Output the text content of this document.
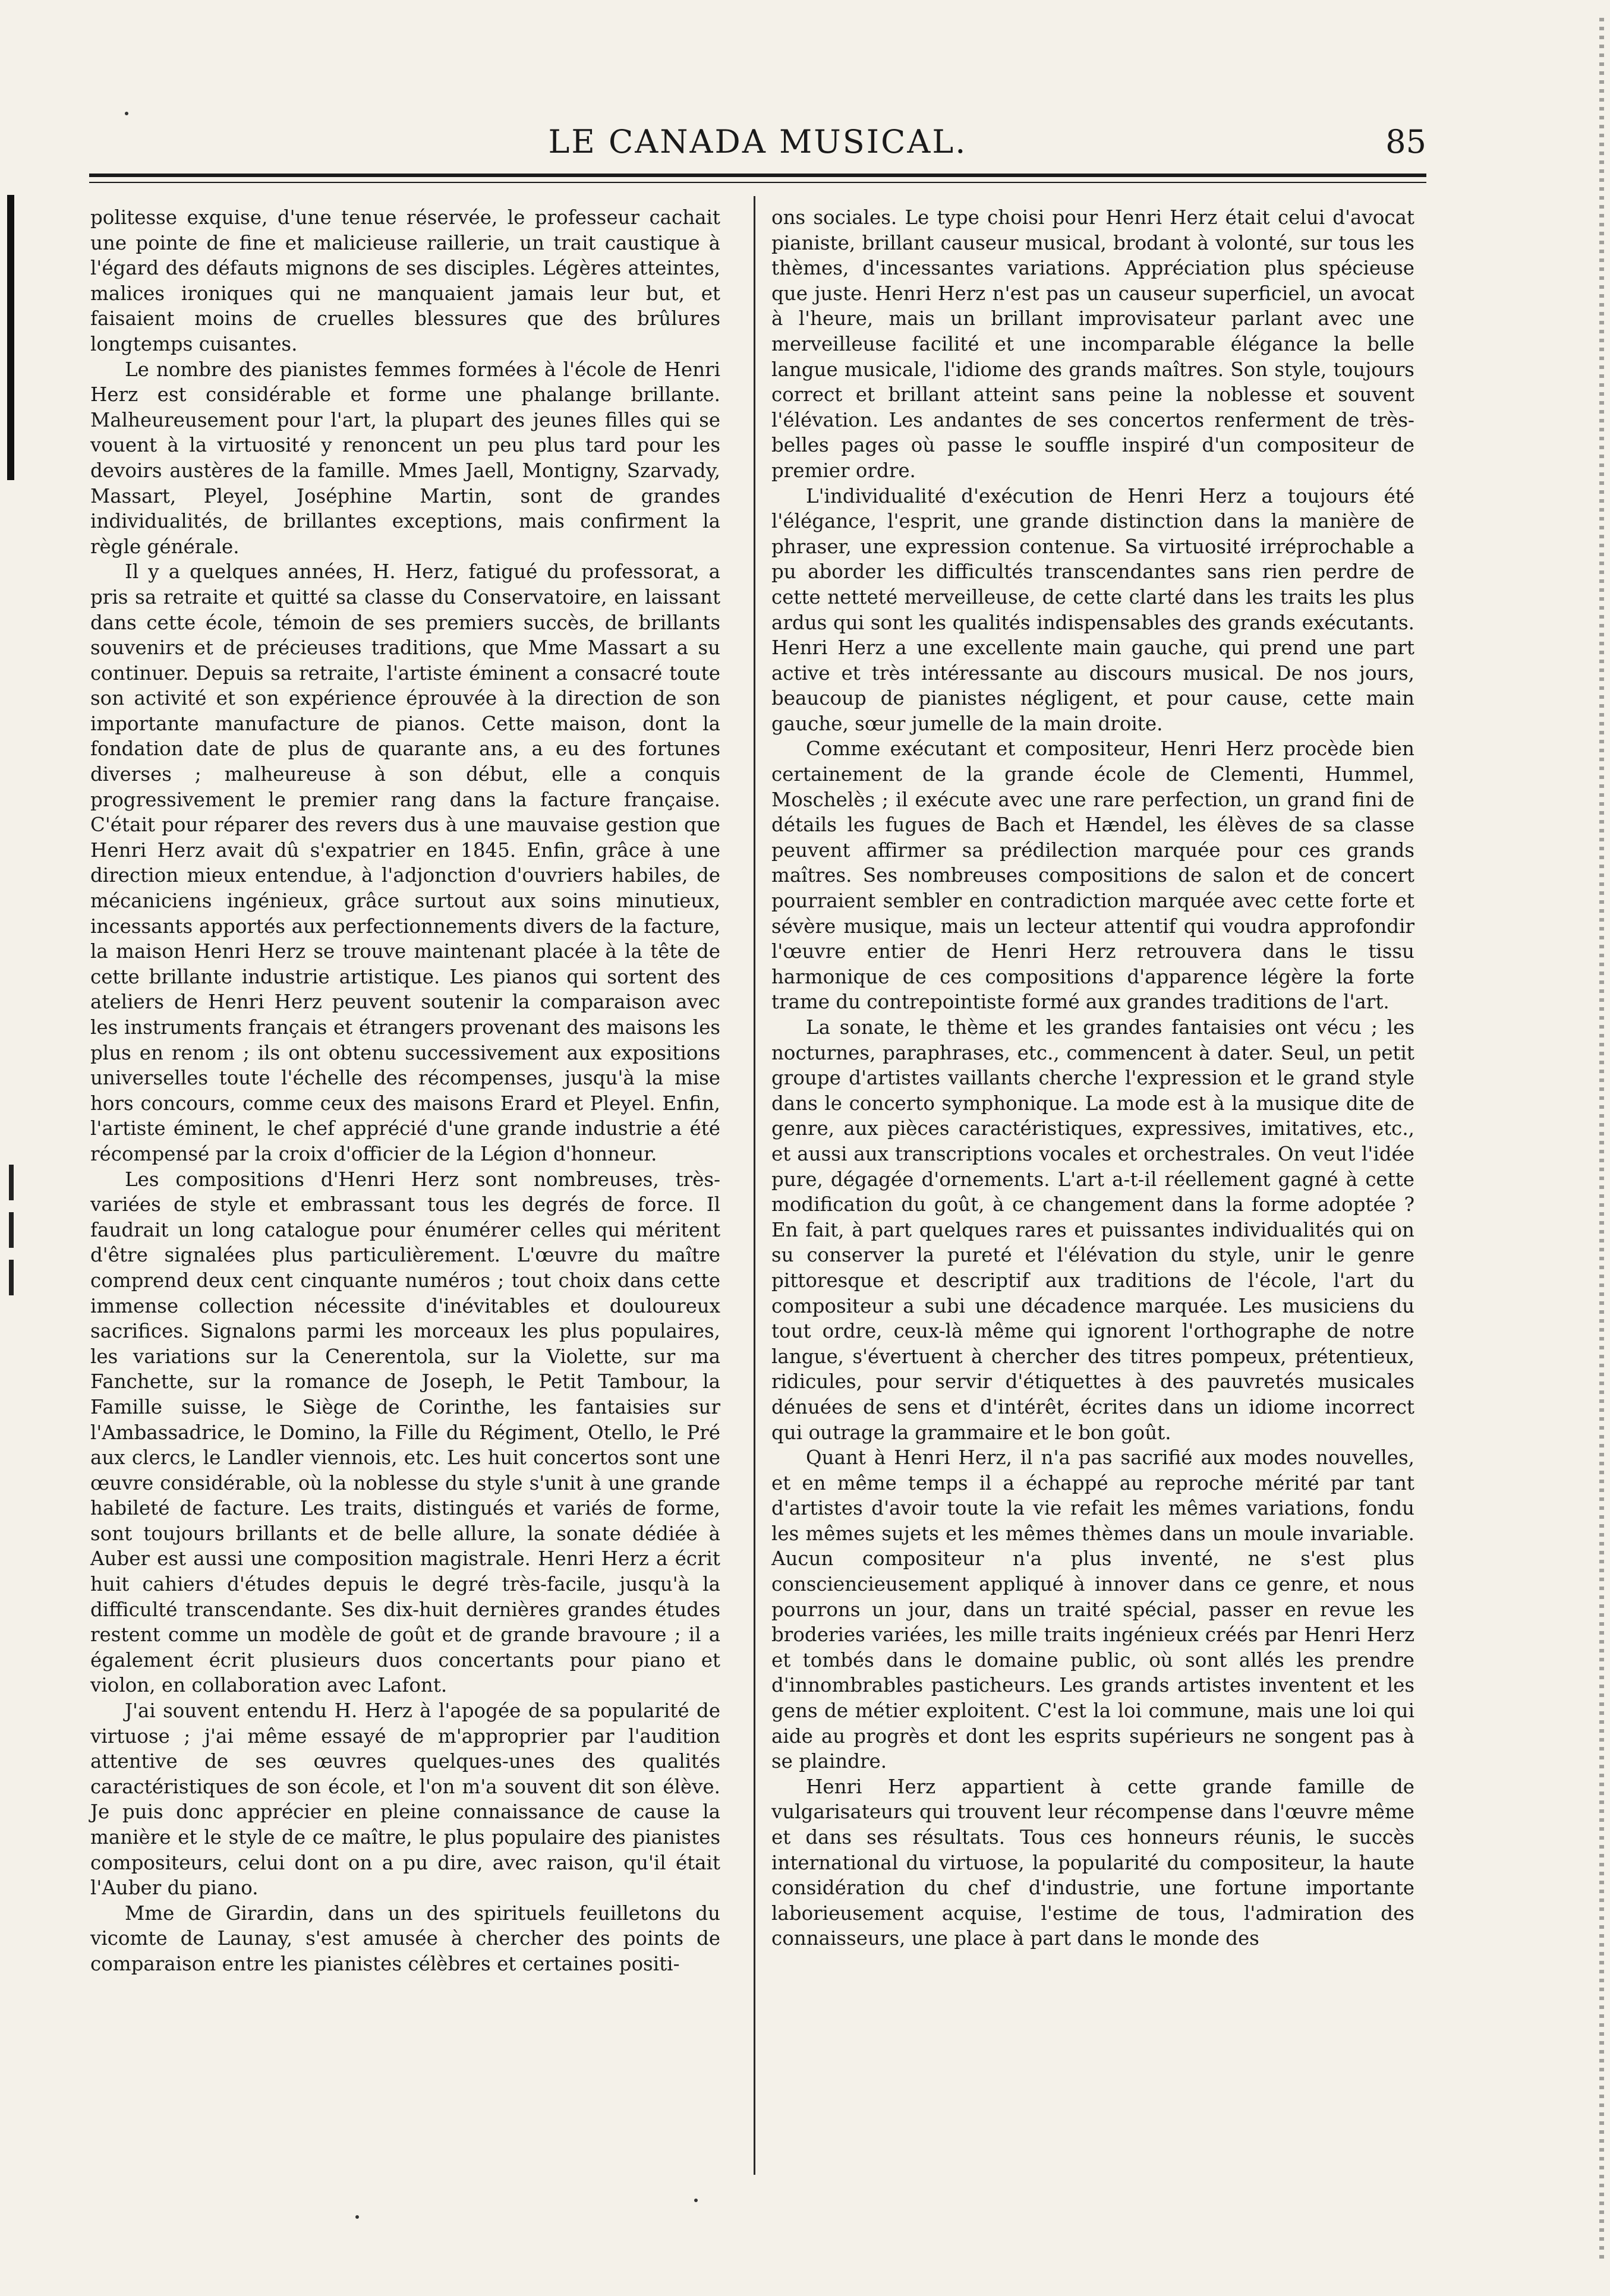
LE CANADA MUSICAL.	85

politesse exquise, d'une tenue réservée, le professeur cachait une pointe de fine et malicieuse raillerie, un trait caustique à l'égard des défauts mignons de ses disciples. Légères atteintes, malices ironiques qui ne manquaient jamais leur but, et faisaient moins de cruelles blessures que des brûlures longtemps cuisantes.

Le nombre des pianistes femmes formées à l'école de Henri Herz est considérable et forme une phalange brillante. Malheureusement pour l'art, la plupart des jeunes filles qui se vouent à la virtuosité y renoncent un peu plus tard pour les devoirs austères de la famille. Mmes Jaell, Montigny, Szarvady, Massart, Pleyel, Joséphine Martin, sont de grandes individualités, de brillantes exceptions, mais confirment la règle générale.

Il y a quelques années, H. Herz, fatigué du professorat, a pris sa retraite et quitté sa classe du Conservatoire, en laissant dans cette école, témoin de ses premiers succès, de brillants souvenirs et de précieuses traditions, que Mme Massart a su continuer. Depuis sa retraite, l'artiste éminent a consacré toute son activité et son expérience éprouvée à la direction de son importante manufacture de pianos. Cette maison, dont la fondation date de plus de quarante ans, a eu des fortunes diverses ; malheureuse à son début, elle a conquis progressivement le premier rang dans la facture française. C'était pour réparer des revers dus à une mauvaise gestion que Henri Herz avait dû s'expatrier en 1845. Enfin, grâce à une direction mieux entendue, à l'adjonction d'ouvriers habiles, de mécaniciens ingénieux, grâce surtout aux soins minutieux, incessants apportés aux perfectionnements divers de la facture, la maison Henri Herz se trouve maintenant placée à la tête de cette brillante industrie artistique. Les pianos qui sortent des ateliers de Henri Herz peuvent soutenir la comparaison avec les instruments français et étrangers provenant des maisons les plus en renom ; ils ont obtenu successivement aux expositions universelles toute l'échelle des récompenses, jusqu'à la mise hors concours, comme ceux des maisons Erard et Pleyel. Enfin, l'artiste éminent, le chef apprécié d'une grande industrie a été récompensé par la croix d'officier de la Légion d'honneur.

Les compositions d'Henri Herz sont nombreuses, très-variées de style et embrassant tous les degrés de force. Il faudrait un long catalogue pour énumérer celles qui méritent d'être signalées plus particulièrement. L'œuvre du maître comprend deux cent cinquante numéros ; tout choix dans cette immense collection nécessite d'inévitables et douloureux sacrifices. Signalons parmi les morceaux les plus populaires, les variations sur la Cenerentola, sur la Violette, sur ma Fanchette, sur la romance de Joseph, le Petit Tambour, la Famille suisse, le Siège de Corinthe, les fantaisies sur l'Ambassadrice, le Domino, la Fille du Régiment, Otello, le Pré aux clercs, le Landler viennois, etc. Les huit concertos sont une œuvre considérable, où la noblesse du style s'unit à une grande habileté de facture. Les traits, distingués et variés de forme, sont toujours brillants et de belle allure, la sonate dédiée à Auber est aussi une composition magistrale. Henri Herz a écrit huit cahiers d'études depuis le degré très-facile, jusqu'à la difficulté transcendante. Ses dix-huit dernières grandes études restent comme un modèle de goût et de grande bravoure ; il a également écrit plusieurs duos concertants pour piano et violon, en collaboration avec Lafont.

J'ai souvent entendu H. Herz à l'apogée de sa popularité de virtuose ; j'ai même essayé de m'approprier par l'audition attentive de ses œuvres quelques-unes des qualités caractéristiques de son école, et l'on m'a souvent dit son élève. Je puis donc apprécier en pleine connaissance de cause la manière et le style de ce maître, le plus populaire des pianistes compositeurs, celui dont on a pu dire, avec raison, qu'il était l'Auber du piano.

Mme de Girardin, dans un des spirituels feuilletons du vicomte de Launay, s'est amusée à chercher des points de comparaison entre les pianistes célèbres et certaines positi-

ons sociales. Le type choisi pour Henri Herz était celui d'avocat pianiste, brillant causeur musical, brodant à volonté, sur tous les thèmes, d'incessantes variations. Appréciation plus spécieuse que juste. Henri Herz n'est pas un causeur superficiel, un avocat à l'heure, mais un brillant improvisateur parlant avec une merveilleuse facilité et une incomparable élégance la belle langue musicale, l'idiome des grands maîtres. Son style, toujours correct et brillant atteint sans peine la noblesse et souvent l'élévation. Les andantes de ses concertos renferment de très-belles pages où passe le souffle inspiré d'un compositeur de premier ordre.

L'individualité d'exécution de Henri Herz a toujours été l'élégance, l'esprit, une grande distinction dans la manière de phraser, une expression contenue. Sa virtuosité irréprochable a pu aborder les difficultés transcendantes sans rien perdre de cette netteté merveilleuse, de cette clarté dans les traits les plus ardus qui sont les qualités indispensables des grands exécutants. Henri Herz a une excellente main gauche, qui prend une part active et très intéressante au discours musical. De nos jours, beaucoup de pianistes négligent, et pour cause, cette main gauche, sœur jumelle de la main droite.

Comme exécutant et compositeur, Henri Herz procède bien certainement de la grande école de Clementi, Hummel, Moschelès ; il exécute avec une rare perfection, un grand fini de détails les fugues de Bach et Hændel, les élèves de sa classe peuvent affirmer sa prédilection marquée pour ces grands maîtres. Ses nombreuses compositions de salon et de concert pourraient sembler en contradiction marquée avec cette forte et sévère musique, mais un lecteur attentif qui voudra approfondir l'œuvre entier de Henri Herz retrouvera dans le tissu harmonique de ces compositions d'apparence légère la forte trame du contrepointiste formé aux grandes traditions de l'art.

La sonate, le thème et les grandes fantaisies ont vécu ; les nocturnes, paraphrases, etc., commencent à dater. Seul, un petit groupe d'artistes vaillants cherche l'expression et le grand style dans le concerto symphonique. La mode est à la musique dite de genre, aux pièces caractéristiques, expressives, imitatives, etc., et aussi aux transcriptions vocales et orchestrales. On veut l'idée pure, dégagée d'ornements. L'art a-t-il réellement gagné à cette modification du goût, à ce changement dans la forme adoptée ? En fait, à part quelques rares et puissantes individualités qui on su conserver la pureté et l'élévation du style, unir le genre pittoresque et descriptif aux traditions de l'école, l'art du compositeur a subi une décadence marquée. Les musiciens du tout ordre, ceux-là même qui ignorent l'orthographe de notre langue, s'évertuent à chercher des titres pompeux, prétentieux, ridicules, pour servir d'étiquettes à des pauvretés musicales dénuées de sens et d'intérêt, écrites dans un idiome incorrect qui outrage la grammaire et le bon goût.

Quant à Henri Herz, il n'a pas sacrifié aux modes nouvelles, et en même temps il a échappé au reproche mérité par tant d'artistes d'avoir toute la vie refait les mêmes variations, fondu les mêmes sujets et les mêmes thèmes dans un moule invariable. Aucun compositeur n'a plus inventé, ne s'est plus consciencieusement appliqué à innover dans ce genre, et nous pourrons un jour, dans un traité spécial, passer en revue les broderies variées, les mille traits ingénieux créés par Henri Herz et tombés dans le domaine public, où sont allés les prendre d'innombrables pasticheurs. Les grands artistes inventent et les gens de métier exploitent. C'est la loi commune, mais une loi qui aide au progrès et dont les esprits supérieurs ne songent pas à se plaindre.

Henri Herz appartient à cette grande famille de vulgarisateurs qui trouvent leur récompense dans l'œuvre même et dans ses résultats. Tous ces honneurs réunis, le succès international du virtuose, la popularité du compositeur, la haute considération du chef d'industrie, une fortune importante laborieusement acquise, l'estime de tous, l'admiration des connaisseurs, une place à part dans le monde des
